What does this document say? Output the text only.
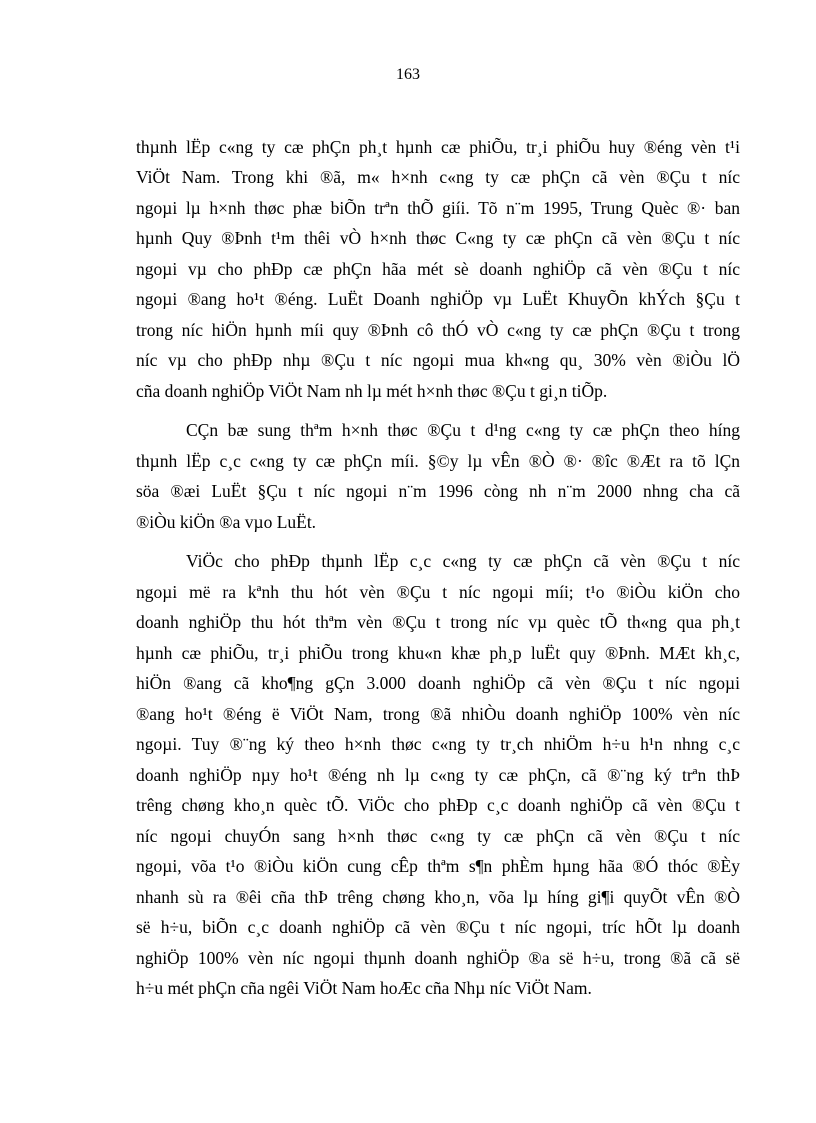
163
thµnh lËp c«ng ty cæ phÇn ph¸t hµnh cæ phiÕu, tr¸i phiÕu huy ®éng vèn t¹i
ViÖt Nam. Trong khi ®ã, m« h×nh c«ng ty cæ phÇn cã vèn ®Çu t níc
ngoµi lµ h×nh thøc phæ biÕn trªn thÕ giíi. Tõ n¨m 1995, Trung Quèc ®· ban
hµnh Quy ®Þnh t¹m thêi vÒ h×nh thøc C«ng ty cæ phÇn cã vèn ®Çu t níc
ngoµi vµ cho phÐp cæ phÇn hãa mét sè doanh nghiÖp cã vèn ®Çu t níc
ngoµi ®ang ho¹t ®éng. LuËt Doanh nghiÖp vµ LuËt KhuyÕn khÝch §Çu t
trong níc hiÖn hµnh míi quy ®Þnh cô thÓ vÒ c«ng ty cæ phÇn ®Çu t trong
níc vµ cho phÐp nhµ ®Çu t níc ngoµi mua kh«ng qu¸ 30% vèn ®iÒu lÖ
cña doanh nghiÖp ViÖt Nam nh lµ mét h×nh thøc ®Çu t gi¸n tiÕp.
CÇn bæ sung thªm h×nh thøc ®Çu t d¹ng c«ng ty cæ phÇn theo híng
thµnh lËp c¸c c«ng ty cæ phÇn míi. §©y lµ vÊn ®Ò ®· ®îc ®Æt ra tõ lÇn
söa ®æi LuËt §Çu t níc ngoµi n¨m 1996 còng nh n¨m 2000 nhng cha cã
®iÒu kiÖn ®a vµo LuËt.
ViÖc cho phÐp thµnh lËp c¸c c«ng ty cæ phÇn cã vèn ®Çu t níc
ngoµi më ra kªnh thu hót vèn ®Çu t níc ngoµi míi; t¹o ®iÒu kiÖn cho
doanh nghiÖp thu hót thªm vèn ®Çu t trong níc vµ quèc tÕ th«ng qua ph¸t
hµnh cæ phiÕu, tr¸i phiÕu trong khu«n khæ ph¸p luËt quy ®Þnh. MÆt kh¸c,
hiÖn ®ang cã kho¶ng gÇn 3.000 doanh nghiÖp cã vèn ®Çu t níc ngoµi
®ang ho¹t ®éng ë ViÖt Nam, trong ®ã nhiÒu doanh nghiÖp 100% vèn níc
ngoµi. Tuy ®¨ng ký theo h×nh thøc c«ng ty tr¸ch nhiÖm h÷u h¹n nhng c¸c
doanh nghiÖp nµy ho¹t ®éng nh lµ c«ng ty cæ phÇn, cã ®¨ng ký trªn thÞ
trêng chøng kho¸n quèc tÕ. ViÖc cho phÐp c¸c doanh nghiÖp cã vèn ®Çu t
níc ngoµi chuyÓn sang h×nh thøc c«ng ty cæ phÇn cã vèn ®Çu t níc
ngoµi, võa t¹o ®iÒu kiÖn cung cÊp thªm s¶n phÈm hµng hãa ®Ó thóc ®Èy
nhanh sù ra ®êi cña thÞ trêng chøng kho¸n, võa lµ híng gi¶i quyÕt vÊn ®Ò
së h÷u, biÕn c¸c doanh nghiÖp cã vèn ®Çu t níc ngoµi, tríc hÕt lµ doanh
nghiÖp 100% vèn níc ngoµi thµnh doanh nghiÖp ®a së h÷u, trong ®ã cã së
h÷u mét phÇn cña ngêi ViÖt Nam hoÆc cña Nhµ níc ViÖt Nam.
